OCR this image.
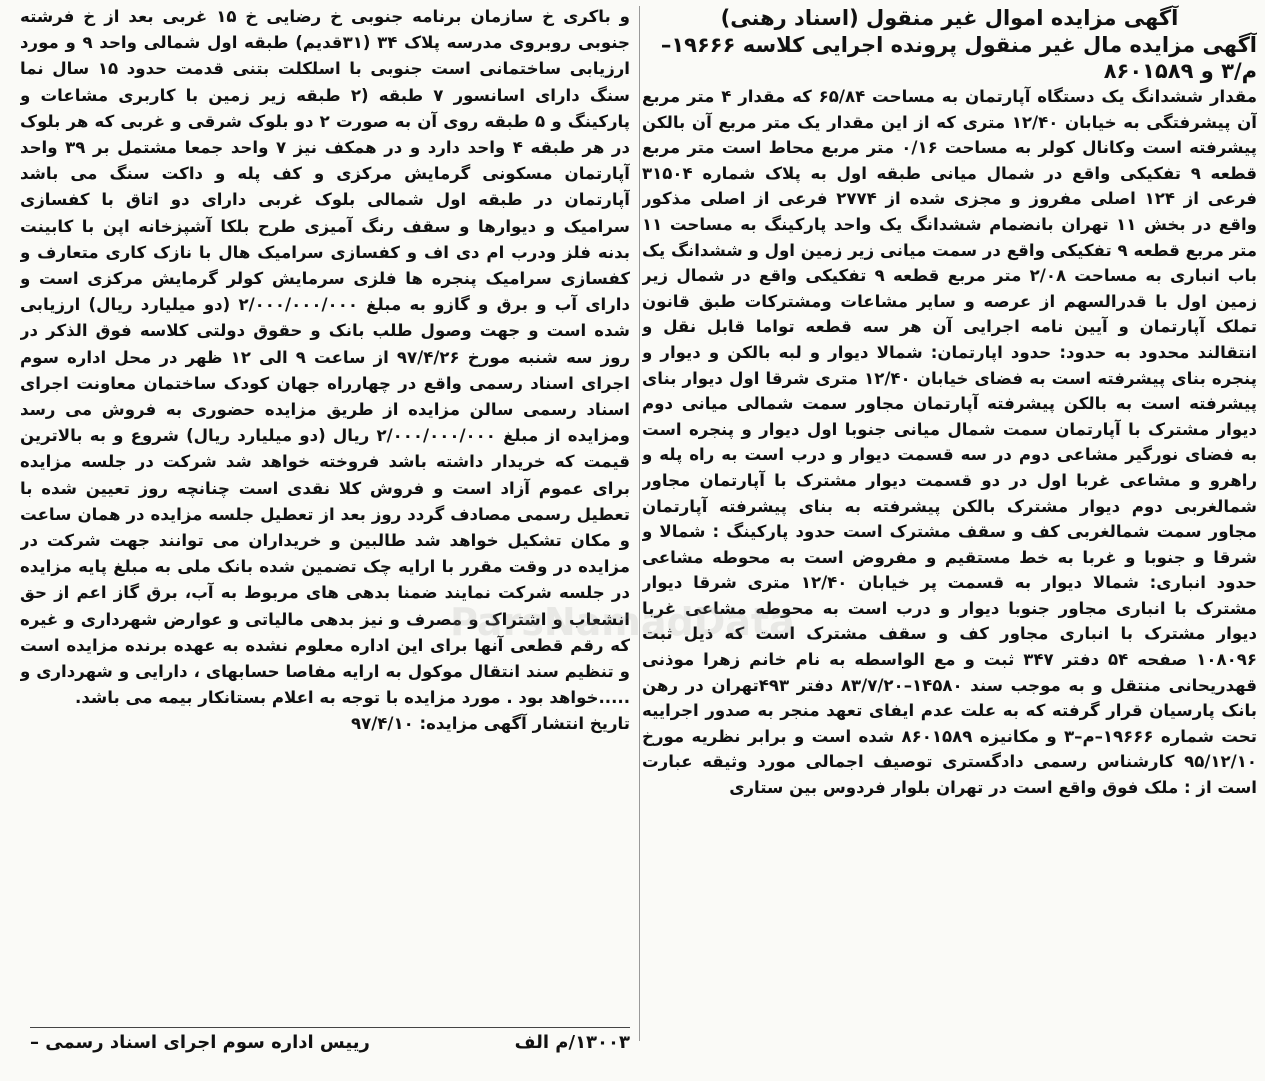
آگهی مزایده اموال غیر منقول (اسناد رهنی)

آگهی مزایده مال غیر منقول پرونده اجرایی کلاسه ۱۹۶۶۶– م/۳ و ۸۶۰۱۵۸۹

مقدار ششدانگ یک دستگاه آپارتمان به مساحت ۶۵/۸۴ که مقدار ۴ متر مربع آن پیشرفتگی به خیابان ۱۲/۴۰ متری که از این مقدار یک متر مربع آن بالکن پیشرفته است وکانال کولر به مساحت ۰/۱۶ متر مربع محاط است متر مربع قطعه ۹ تفکیکی واقع در شمال میانی طبقه اول به پلاک شماره ۳۱۵۰۴ فرعی از ۱۲۴ اصلی مفروز و مجزی شده از ۲۷۷۴ فرعی از اصلی مذکور واقع در بخش ۱۱ تهران بانضمام ششدانگ یک واحد پارکینگ به مساحت ۱۱ متر مربع قطعه ۹ تفکیکی واقع در سمت میانی زیر زمین اول و ششدانگ یک باب انباری به مساحت ۲/۰۸ متر مربع قطعه ۹ تفکیکی واقع در شمال زیر زمین اول با قدرالسهم از عرصه و سایر مشاعات ومشترکات طبق قانون تملک آپارتمان و آیین نامه اجرایی آن هر سه قطعه تواما قابل نقل و انتقالند محدود به حدود: حدود اپارتمان: شمالا دیوار و لبه بالکن و دیوار و پنجره بنای پیشرفته است به فضای خیابان ۱۲/۴۰ متری شرقا اول دیوار بنای پیشرفته است به بالکن پیشرفته آپارتمان مجاور سمت شمالی میانی دوم دیوار مشترک با آپارتمان سمت شمال میانی جنوبا اول دیوار و پنجره است به فضای نورگیر مشاعی دوم در سه قسمت دیوار و درب است به راه پله و راهرو و مشاعی غربا اول در دو قسمت دیوار مشترک با آپارتمان مجاور شمالغربی دوم دیوار مشترک بالکن پیشرفته به بنای پیشرفته آپارتمان مجاور سمت شمالغربی کف و سقف مشترک است حدود پارکینگ : شمالا و شرقا و جنوبا و غربا به خط مستقیم و مفروض است به محوطه مشاعی حدود انباری: شمالا دیوار به قسمت پر خیابان ۱۲/۴۰ متری شرقا دیوار مشترک با انباری مجاور جنوبا دیوار و درب است به محوطه مشاعی غربا دیوار مشترک با انباری مجاور کف و سقف مشترک است که ذیل ثبت ۱۰۸۰۹۶ صفحه ۵۴ دفتر ۳۴۷ ثبت و مع الواسطه به نام خانم زهرا موذنی قهدریحانی منتقل و به موجب سند ۱۴۵۸۰–۸۳/۷/۲۰ دفتر ۴۹۳تهران در رهن بانک پارسیان قرار گرفته که به علت عدم ایفای تعهد منجر به صدور اجراییه تحت شماره ۱۹۶۶۶–م–۳ و مکانیزه ۸۶۰۱۵۸۹ شده است و برابر نظریه مورخ ۹۵/۱۲/۱۰ کارشناس رسمی دادگستری توصیف اجمالی مورد وثیقه عبارت است از : ملک فوق واقع است در تهران بلوار فردوس بین ستاری

و باکری خ سازمان برنامه جنوبی خ رضایی خ ۱۵ غربی بعد از خ فرشته جنوبی روبروی مدرسه پلاک ۳۴ (۳۱قدیم) طبقه اول شمالی واحد ۹ و مورد ارزیابی ساختمانی است جنوبی با اسلکلت بتنی قدمت حدود ۱۵ سال نما سنگ دارای اسانسور ۷ طبقه (۲ طبقه زیر زمین با کاربری مشاعات و پارکینگ و ۵ طبقه روی آن به صورت ۲ دو بلوک شرقی و غربی که هر بلوک در هر طبقه ۴ واحد دارد و در همکف نیز ۷ واحد جمعا مشتمل بر ۳۹ واحد آپارتمان مسکونی گرمایش مرکزی و کف پله و داکت سنگ می باشد آپارتمان در طبقه اول شمالی بلوک غربی دارای دو اتاق با کفسازی سرامیک و دیوارها و سقف رنگ آمیزی طرح بلکا آشپزخانه اپن با کابینت بدنه فلز ودرب ام دی اف و کفسازی سرامیک هال با نازک کاری متعارف و کفسازی سرامیک پنجره ها فلزی سرمایش کولر گرمایش مرکزی است و دارای آب و برق و گازو به مبلغ ۲/۰۰۰/۰۰۰/۰۰۰ (دو میلیارد ریال) ارزیابی شده است و جهت وصول طلب بانک و حقوق دولتی کلاسه فوق الذکر در روز سه شنبه مورخ ۹۷/۴/۲۶ از ساعت ۹ الی ۱۲ ظهر در محل اداره سوم اجرای اسناد رسمی واقع در چهارراه جهان کودک ساختمان معاونت اجرای اسناد رسمی سالن مزایده از طریق مزایده حضوری به فروش می رسد ومزایده از مبلغ ۲/۰۰۰/۰۰۰/۰۰۰ ریال (دو میلیارد ریال) شروع و به بالاترین قیمت که خریدار داشته باشد فروخته خواهد شد شرکت در جلسه مزایده برای عموم آزاد است و فروش کلا نقدی است چنانچه روز تعیین شده با تعطیل رسمی مصادف گردد روز بعد از تعطیل جلسه مزایده در همان ساعت و مکان تشکیل خواهد شد طالبین و خریداران می توانند جهت شرکت در مزایده در وقت مقرر با ارایه چک تضمین شده بانک ملی به مبلغ پایه مزایده در جلسه شرکت نمایند ضمنا بدهی های مربوط به آب، برق گاز اعم از حق انشعاب و اشتراک و مصرف و نیز بدهی مالیاتی و عوارض شهرداری و غیره که رقم قطعی آنها برای این اداره معلوم نشده به عهده برنده مزایده است و تنظیم سند انتقال موکول به ارایه مفاصا حسابهای ، دارایی و شهرداری و .....خواهد بود . مورد مزایده با توجه به اعلام بستانکار بیمه می باشد.

تاریخ انتشار آگهی مزایده: ۹۷/۴/۱۰

۱۳۰۰۳/م الف
رییس اداره سوم اجرای اسناد رسمی –
ParsNamadData
